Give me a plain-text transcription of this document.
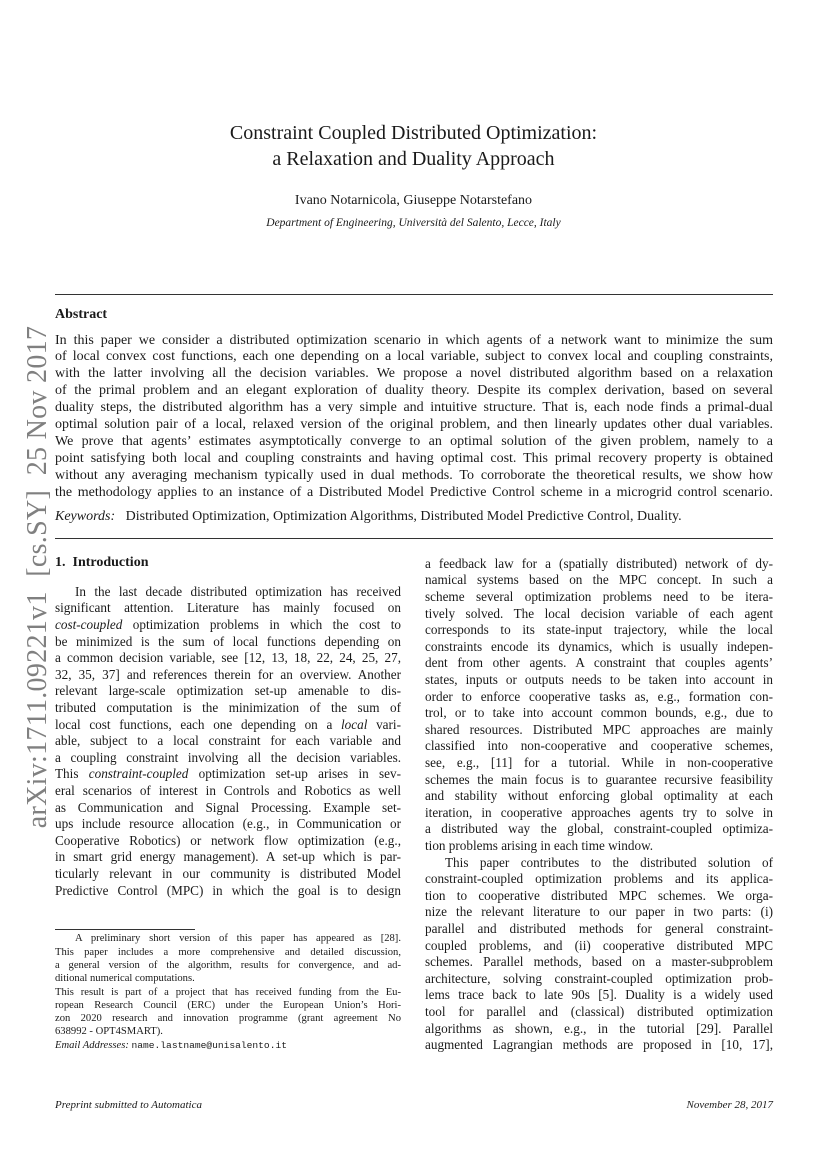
arXiv:1711.09221v1  [cs.SY]  25 Nov 2017
Constraint Coupled Distributed Optimization:
a Relaxation and Duality Approach
Ivano Notarnicola, Giuseppe Notarstefano
Department of Engineering, Università del Salento, Lecce, Italy
Abstract
In this paper we consider a distributed optimization scenario in which agents of a network want to minimize the sum
of local convex cost functions, each one depending on a local variable, subject to convex local and coupling constraints,
with the latter involving all the decision variables. We propose a novel distributed algorithm based on a relaxation
of the primal problem and an elegant exploration of duality theory. Despite its complex derivation, based on several
duality steps, the distributed algorithm has a very simple and intuitive structure. That is, each node finds a primal-dual
optimal solution pair of a local, relaxed version of the original problem, and then linearly updates other dual variables.
We prove that agents’ estimates asymptotically converge to an optimal solution of the given problem, namely to a
point satisfying both local and coupling constraints and having optimal cost. This primal recovery property is obtained
without any averaging mechanism typically used in dual methods. To corroborate the theoretical results, we show how
the methodology applies to an instance of a Distributed Model Predictive Control scheme in a microgrid control scenario.
Keywords: Distributed Optimization, Optimization Algorithms, Distributed Model Predictive Control, Duality.
1.  Introduction
In the last decade distributed optimization has received
significant attention. Literature has mainly focused on
cost-coupled optimization problems in which the cost to
be minimized is the sum of local functions depending on
a common decision variable, see [12, 13, 18, 22, 24, 25, 27,
32, 35, 37] and references therein for an overview. Another
relevant large-scale optimization set-up amenable to dis-
tributed computation is the minimization of the sum of
local cost functions, each one depending on a local vari-
able, subject to a local constraint for each variable and
a coupling constraint involving all the decision variables.
This constraint-coupled optimization set-up arises in sev-
eral scenarios of interest in Controls and Robotics as well
as Communication and Signal Processing. Example set-
ups include resource allocation (e.g., in Communication or
Cooperative Robotics) or network flow optimization (e.g.,
in smart grid energy management). A set-up which is par-
ticularly relevant in our community is distributed Model
Predictive Control (MPC) in which the goal is to design
a feedback law for a (spatially distributed) network of dy-
namical systems based on the MPC concept. In such a
scheme several optimization problems need to be itera-
tively solved. The local decision variable of each agent
corresponds to its state-input trajectory, while the local
constraints encode its dynamics, which is usually indepen-
dent from other agents. A constraint that couples agents’
states, inputs or outputs needs to be taken into account in
order to enforce cooperative tasks as, e.g., formation con-
trol, or to take into account common bounds, e.g., due to
shared resources. Distributed MPC approaches are mainly
classified into non-cooperative and cooperative schemes,
see, e.g., [11] for a tutorial. While in non-cooperative
schemes the main focus is to guarantee recursive feasibility
and stability without enforcing global optimality at each
iteration, in cooperative approaches agents try to solve in
a distributed way the global, constraint-coupled optimiza-
tion problems arising in each time window.
This paper contributes to the distributed solution of
constraint-coupled optimization problems and its applica-
tion to cooperative distributed MPC schemes. We orga-
nize the relevant literature to our paper in two parts: (i)
parallel and distributed methods for general constraint-
coupled problems, and (ii) cooperative distributed MPC
schemes. Parallel methods, based on a master-subproblem
architecture, solving constraint-coupled optimization prob-
lems trace back to late 90s [5]. Duality is a widely used
tool for parallel and (classical) distributed optimization
algorithms as shown, e.g., in the tutorial [29]. Parallel
augmented Lagrangian methods are proposed in [10, 17],
A preliminary short version of this paper has appeared as [28].
This paper includes a more comprehensive and detailed discussion,
a general version of the algorithm, results for convergence, and ad-
ditional numerical computations.
This result is part of a project that has received funding from the Eu-
ropean Research Council (ERC) under the European Union’s Hori-
zon 2020 research and innovation programme (grant agreement No
638992 - OPT4SMART).
Email Addresses: name.lastname@unisalento.it
Preprint submitted to Automatica	November 28, 2017
